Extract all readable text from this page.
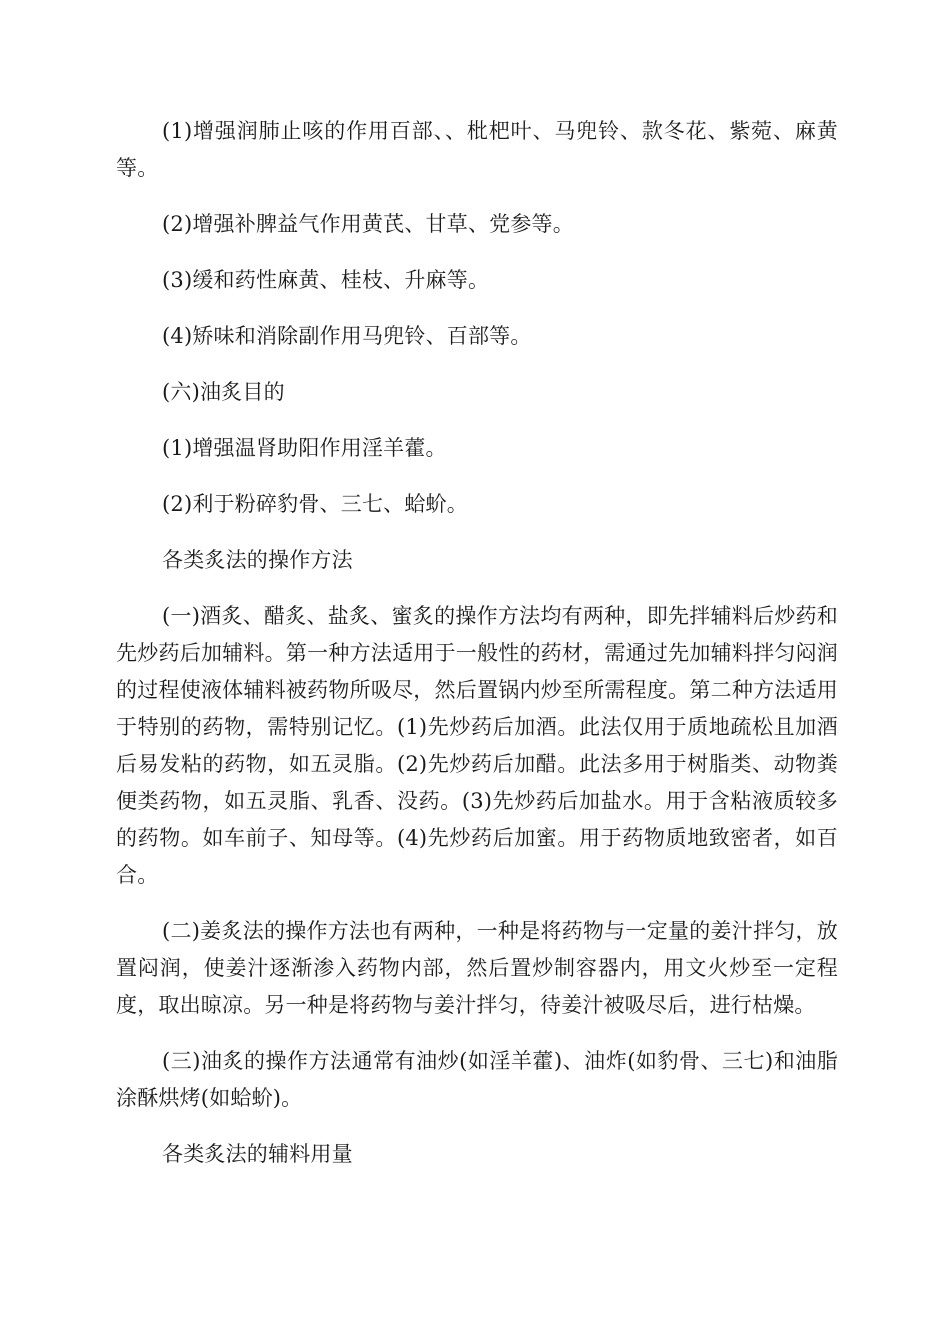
(1)增强润肺止咳的作用百部、、枇杷叶、马兜铃、款冬花、紫菀、麻黄等。

(2)增强补脾益气作用黄芪、甘草、党参等。

(3)缓和药性麻黄、桂枝、升麻等。

(4)矫味和消除副作用马兜铃、百部等。

(六)油炙目的

(1)增强温肾助阳作用淫羊藿。

(2)利于粉碎豹骨、三七、蛤蚧。

各类炙法的操作方法

(一)酒炙、醋炙、盐炙、蜜炙的操作方法均有两种，即先拌辅料后炒药和先炒药后加辅料。第一种方法适用于一般性的药材，需通过先加辅料拌匀闷润的过程使液体辅料被药物所吸尽，然后置锅内炒至所需程度。第二种方法适用于特别的药物，需特别记忆。(1)先炒药后加酒。此法仅用于质地疏松且加酒后易发粘的药物，如五灵脂。(2)先炒药后加醋。此法多用于树脂类、动物粪便类药物，如五灵脂、乳香、没药。(3)先炒药后加盐水。用于含粘液质较多的药物。如车前子、知母等。(4)先炒药后加蜜。用于药物质地致密者，如百合。

(二)姜炙法的操作方法也有两种，一种是将药物与一定量的姜汁拌匀，放置闷润，使姜汁逐渐渗入药物内部，然后置炒制容器内，用文火炒至一定程度，取出晾凉。另一种是将药物与姜汁拌匀，待姜汁被吸尽后，进行枯燥。

(三)油炙的操作方法通常有油炒(如淫羊藿)、油炸(如豹骨、三七)和油脂涂酥烘烤(如蛤蚧)。

各类炙法的辅料用量
